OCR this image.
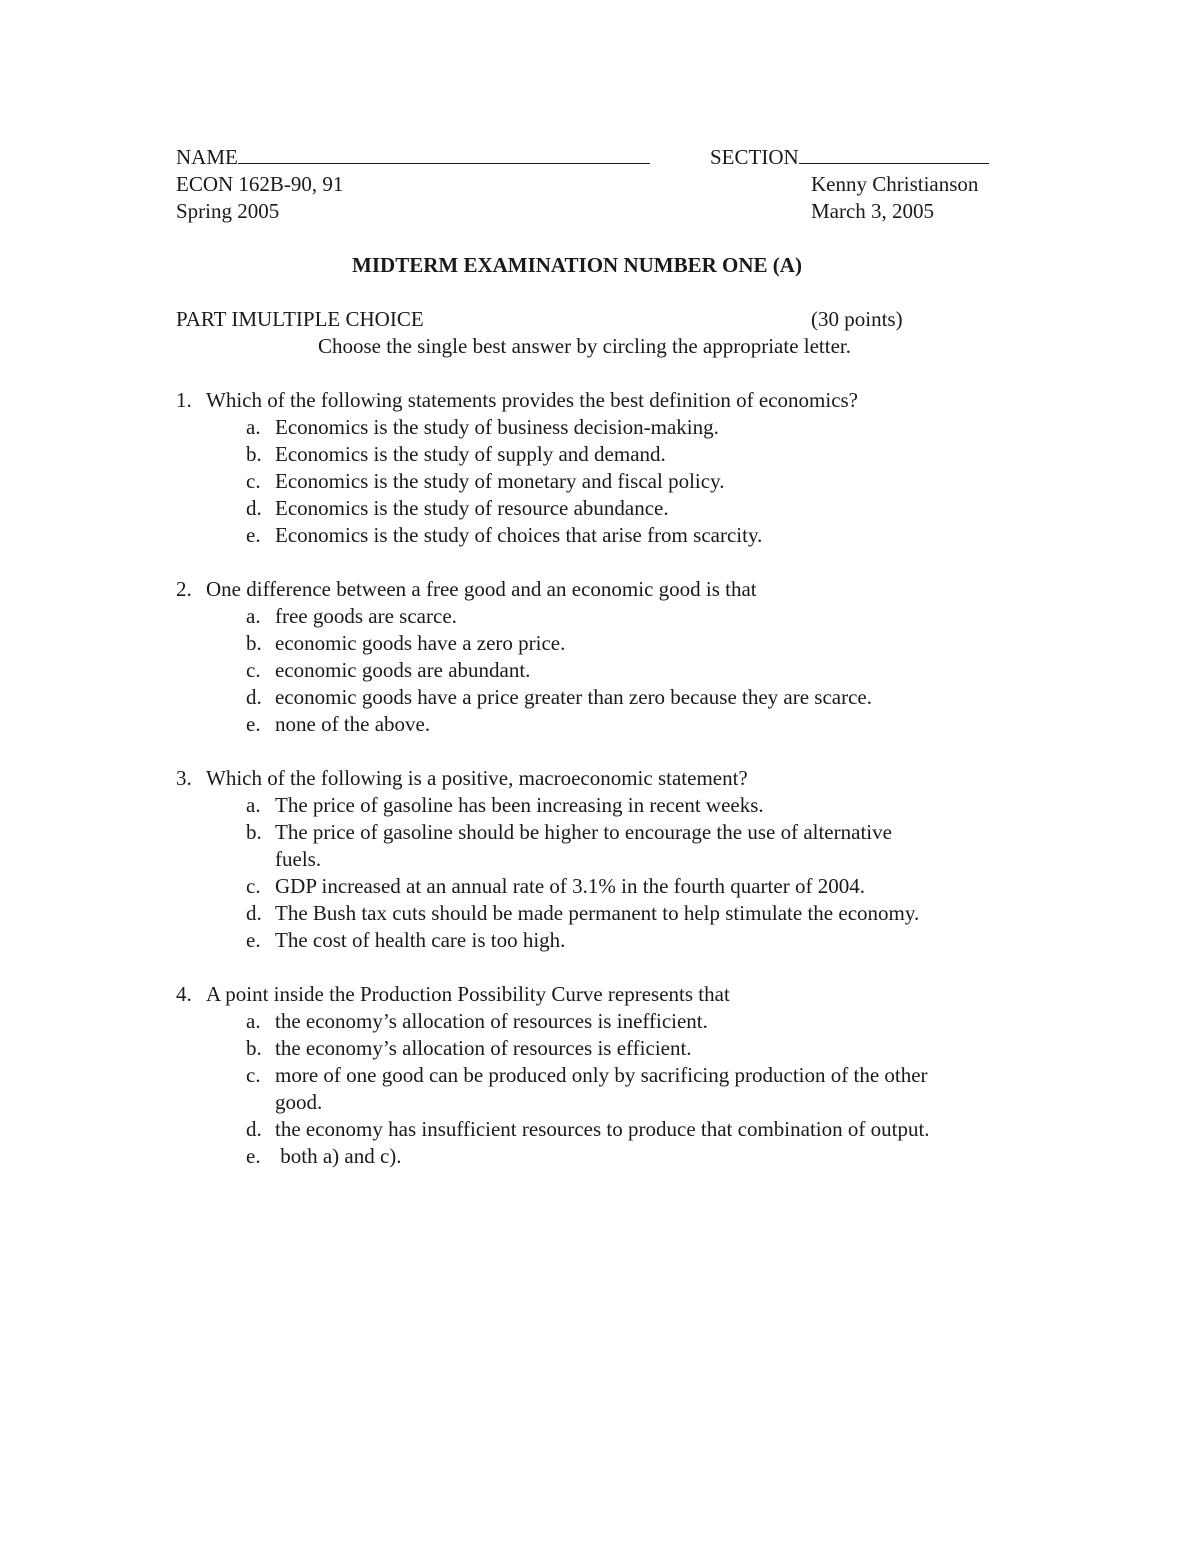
NAME	SECTION
ECON 162B-90, 91	Kenny Christianson
Spring 2005	March 3, 2005
MIDTERM EXAMINATION NUMBER ONE (A)
PART IMULTIPLE CHOICE	(30 points)
Choose the single best answer by circling the appropriate letter.
1. Which of the following statements provides the best definition of economics?
a. Economics is the study of business decision-making.
b. Economics is the study of supply and demand.
c. Economics is the study of monetary and fiscal policy.
d. Economics is the study of resource abundance.
e. Economics is the study of choices that arise from scarcity.
2. One difference between a free good and an economic good is that
a. free goods are scarce.
b. economic goods have a zero price.
c. economic goods are abundant.
d. economic goods have a price greater than zero because they are scarce.
e. none of the above.
3. Which of the following is a positive, macroeconomic statement?
a. The price of gasoline has been increasing in recent weeks.
b. The price of gasoline should be higher to encourage the use of alternative
fuels.
c. GDP increased at an annual rate of 3.1% in the fourth quarter of 2004.
d. The Bush tax cuts should be made permanent to help stimulate the economy.
e. The cost of health care is too high.
4. A point inside the Production Possibility Curve represents that
a. the economy’s allocation of resources is inefficient.
b. the economy’s allocation of resources is efficient.
c. more of one good can be produced only by sacrificing production of the other
good.
d. the economy has insufficient resources to produce that combination of output.
e. both a) and c).
